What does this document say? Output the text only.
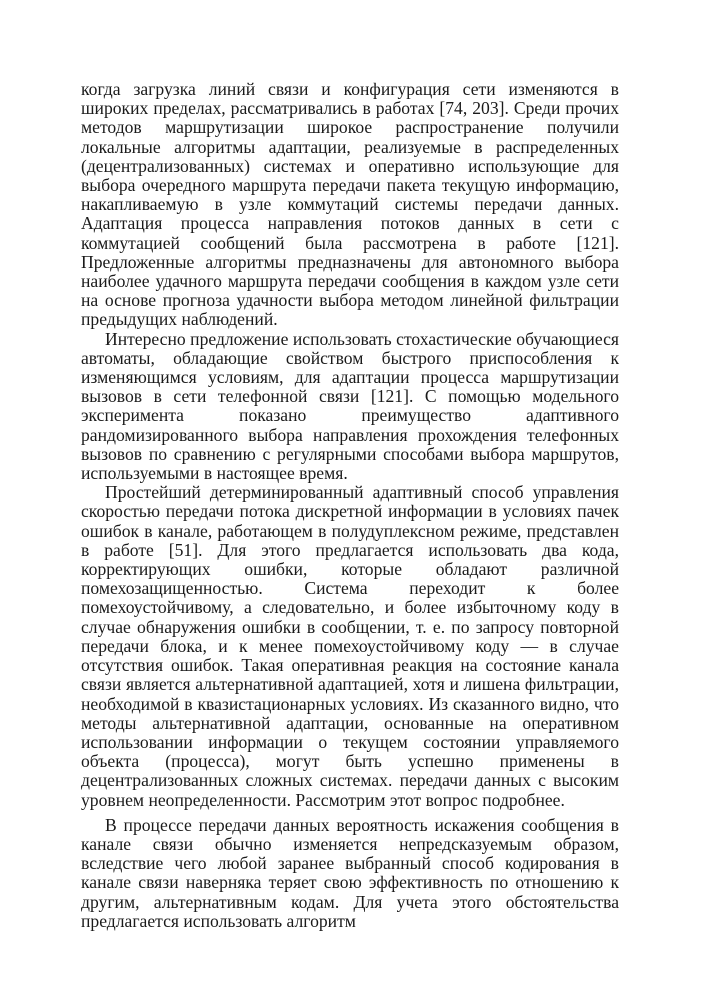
когда загрузка линий связи и конфигурация сети изменяются в широких пределах, рассматривались в работах [74, 203]. Среди прочих методов маршрутизации широкое распространение получили локальные алгоритмы адаптации, реализуемые в распределенных (децентрализованных) системах и оперативно использующие для выбора очередного маршрута передачи пакета текущую информацию, накапливаемую в узле коммутаций системы передачи данных. Адаптация процесса направления потоков данных в сети с коммутацией сообщений была рассмотрена в работе [121]. Предложенные алгоритмы предназначены для автономного выбора наиболее удачного маршрута передачи сообщения в каждом узле сети на основе прогноза удачности выбора методом линейной фильтрации предыдущих наблюдений.

Интересно предложение использовать стохастические обучающиеся автоматы, обладающие свойством быстрого приспособления к изменяющимся условиям, для адаптации процесса маршрутизации вызовов в сети телефонной связи [121]. С помощью модельного эксперимента показано преимущество адаптивного рандомизированного выбора направления прохождения телефонных вызовов по сравнению с регулярными способами выбора маршрутов, используемыми в настоящее время.

Простейший детерминированный адаптивный способ управления скоростью передачи потока дискретной информации в условиях пачек ошибок в канале, работающем в полудуплексном режиме, представлен в работе [51]. Для этого предлагается использовать два кода, корректирующих ошибки, которые обладают различной помехозащищенностью. Система переходит к более помехоустойчивому, а следовательно, и более избыточному коду в случае обнаружения ошибки в сообщении, т. е. по запросу повторной передачи блока, и к менее помехоустойчивому коду — в случае отсутствия ошибок. Такая оперативная реакция на состояние канала связи является альтернативной адаптацией, хотя и лишена фильтрации, необходимой в квазистационарных условиях. Из сказанного видно, что методы альтернативной адаптации, основанные на оперативном использовании информации о текущем состоянии управляемого объекта (процесса), могут быть успешно применены в децентрализованных сложных системах. передачи данных с высоким уровнем неопределенности. Рассмотрим этот вопрос подробнее.

В процессе передачи данных вероятность искажения сообщения в канале связи обычно изменяется непредсказуемым образом, вследствие чего любой заранее выбранный способ кодирования в канале связи наверняка теряет свою эффективность по отношению к другим, альтернативным кодам. Для учета этого обстоятельства предлагается использовать алгоритм
